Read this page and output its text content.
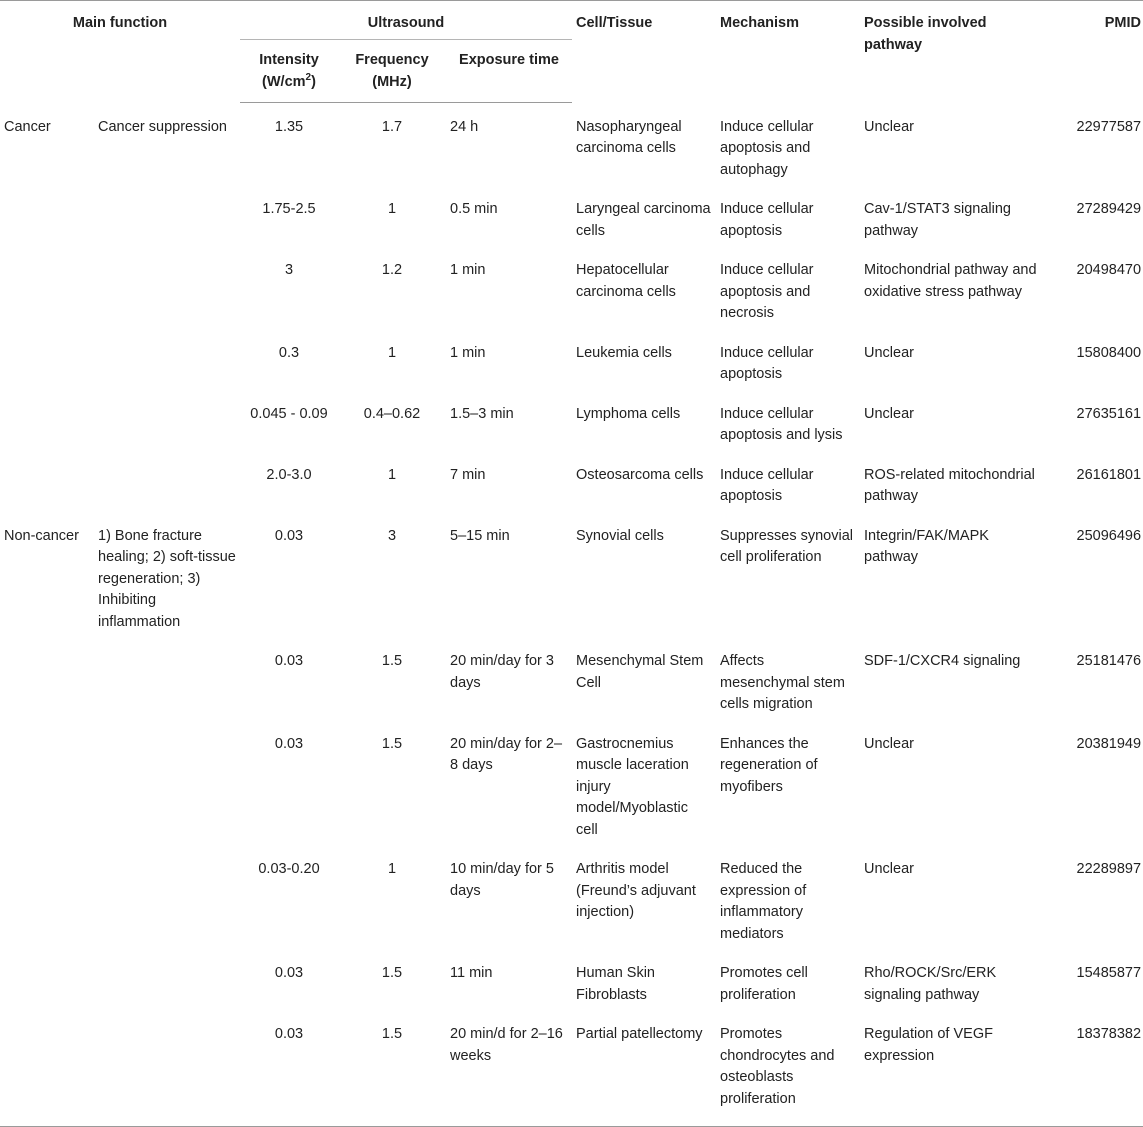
Main function		Ultrasound			Cell/Tissue	Mechanism	Possible involved pathway	PMID
		Intensity $(W/cm^2)$	Frequency (MHz)	Exposure time				
Cancer	Cancer suppression	1.35	1.7	24 h	Nasopharyngeal carcinoma cells	Induce cellular apoptosis and autophagy	Unclear	22977587
		1.75-2.5	1	0.5 min	Laryngeal carcinoma cells	Induce cellular apoptosis	Cav-1/STAT3 signaling pathway	27289429
		3	1.2	1 min	Hepatocellular carcinoma cells	Induce cellular apoptosis and necrosis	Mitochondrial pathway and oxidative stress pathway	20498470
		0.3	1	1 min	Leukemia cells	Induce cellular apoptosis	Unclear	15808400
		0.045 - 0.09	0.4–0.62	1.5–3 min	Lymphoma cells	Induce cellular apoptosis and lysis	Unclear	27635161
		2.0-3.0	1	7 min	Osteosarcoma cells	Induce cellular apoptosis	ROS-related mitochondrial pathway	26161801
Non-cancer	1) Bone fracture healing; 2) soft-tissue regeneration; 3) Inhibiting inflammation	0.03	3	5–15 min	Synovial cells	Suppresses synovial cell proliferation	Integrin/FAK/MAPK pathway	25096496
		0.03	1.5	20 min/day for 3 days	Mesenchymal Stem Cell	Affects mesenchymal stem cells migration	SDF-1/CXCR4 signaling	25181476
		0.03	1.5	20 min/day for 2–8 days	Gastrocnemius muscle laceration injury model/Myoblastic cell	Enhances the regeneration of myofibers	Unclear	20381949
		0.03-0.20	1	10 min/day for 5 days	Arthritis model (Freund’s adjuvant injection)	Reduced the expression of inflammatory mediators	Unclear	22289897
		0.03	1.5	11 min	Human Skin Fibroblasts	Promotes cell proliferation	Rho/ROCK/Src/ERK signaling pathway	15485877
		0.03	1.5	20 min/d for 2–16 weeks	Partial patellectomy	Promotes chondrocytes and osteoblasts proliferation	Regulation of VEGF expression	18378382
